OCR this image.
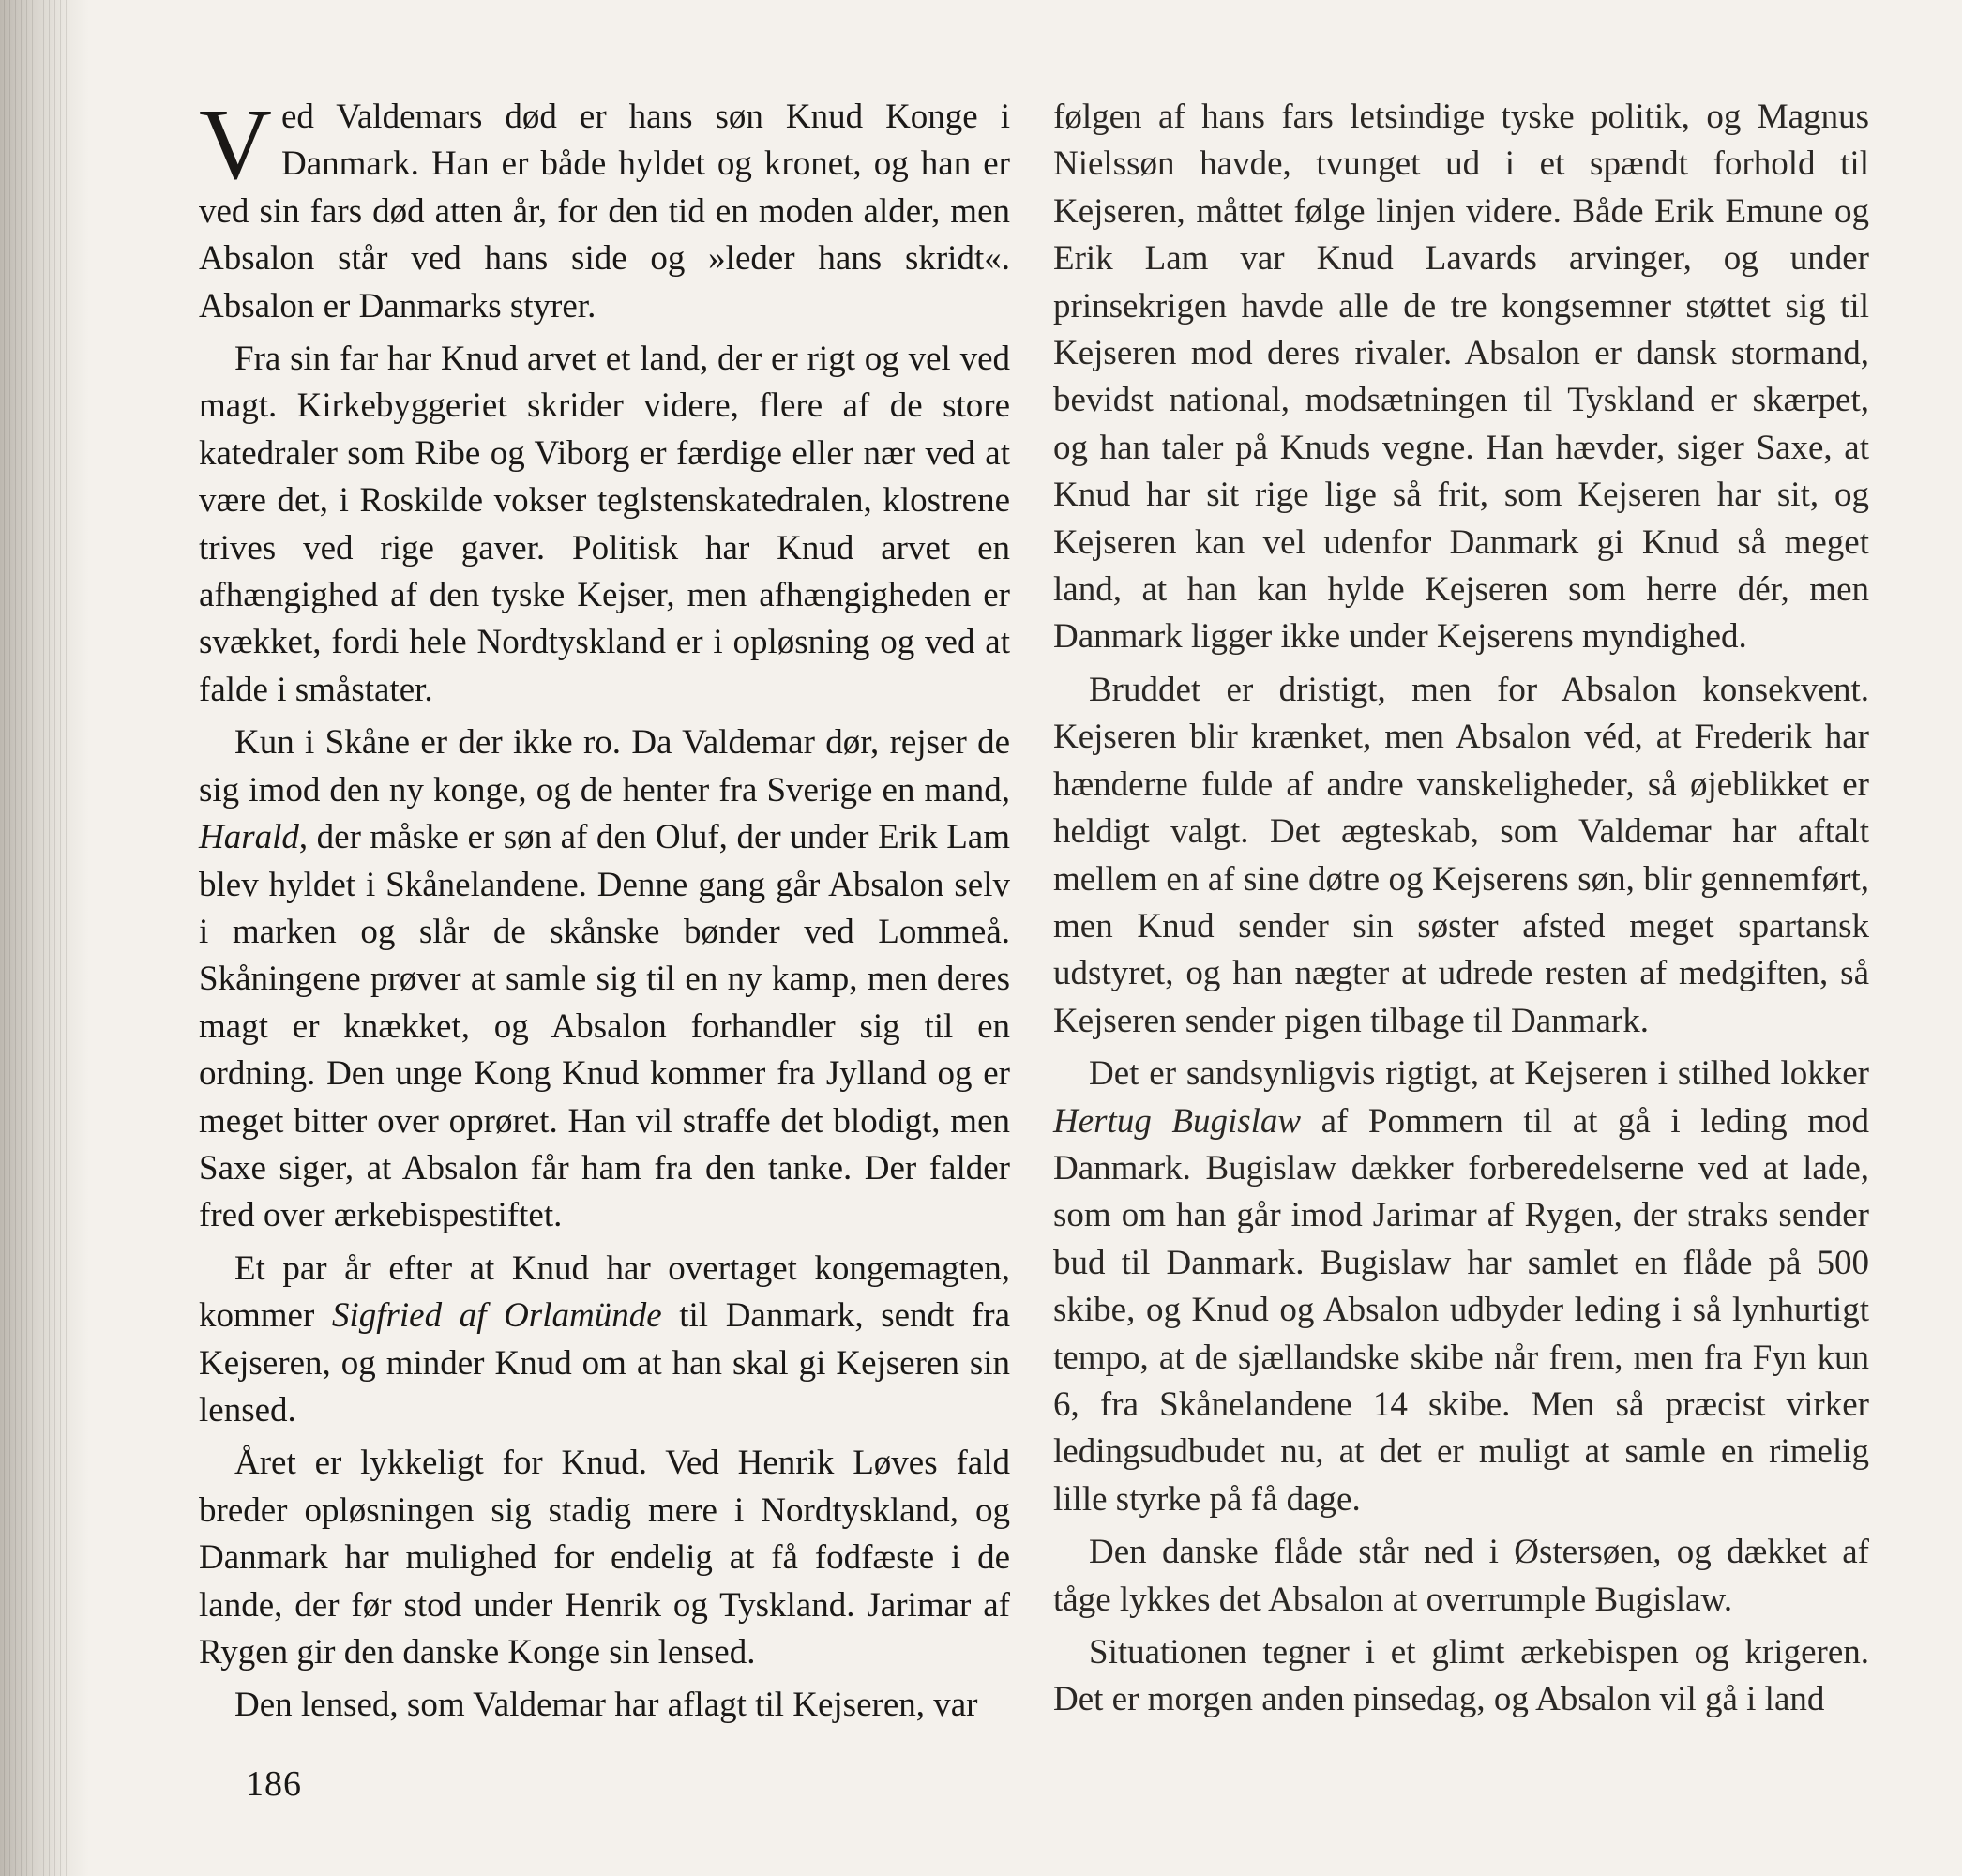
Ved Valdemars død er hans søn Knud Konge i Danmark. Han er både hyldet og kronet, og han er ved sin fars død atten år, for den tid en moden alder, men Absalon står ved hans side og »leder hans skridt«. Absalon er Danmarks styrer.

Fra sin far har Knud arvet et land, der er rigt og vel ved magt. Kirkebyggeriet skrider videre, flere af de store katedraler som Ribe og Viborg er færdige eller nær ved at være det, i Roskilde vokser teglstenskatedralen, klostrene trives ved rige gaver. Politisk har Knud arvet en afhængighed af den tyske Kejser, men afhængigheden er svækket, fordi hele Nordtyskland er i opløsning og ved at falde i småstater.

Kun i Skåne er der ikke ro. Da Valdemar dør, rejser de sig imod den ny konge, og de henter fra Sverige en mand, Harald, der måske er søn af den Oluf, der under Erik Lam blev hyldet i Skånelandene. Denne gang går Absalon selv i marken og slår de skånske bønder ved Lommeå. Skåningene prøver at samle sig til en ny kamp, men deres magt er knækket, og Absalon forhandler sig til en ordning. Den unge Kong Knud kommer fra Jylland og er meget bitter over oprøret. Han vil straffe det blodigt, men Saxe siger, at Absalon får ham fra den tanke. Der falder fred over ærkebispestiftet.

Et par år efter at Knud har overtaget kongemagten, kommer Sigfried af Orlamünde til Danmark, sendt fra Kejseren, og minder Knud om at han skal gi Kejseren sin lensed.

Året er lykkeligt for Knud. Ved Henrik Løves fald breder opløsningen sig stadig mere i Nordtyskland, og Danmark har mulighed for endelig at få fodfæste i de lande, der før stod under Henrik og Tyskland. Jarimar af Rygen gir den danske Konge sin lensed.

Den lensed, som Valdemar har aflagt til Kejseren, var

følgen af hans fars letsindige tyske politik, og Magnus Nielssøn havde, tvunget ud i et spændt forhold til Kejseren, måttet følge linjen videre. Både Erik Emune og Erik Lam var Knud Lavards arvinger, og under prinsekrigen havde alle de tre kongsemner støttet sig til Kejseren mod deres rivaler. Absalon er dansk stormand, bevidst national, modsætningen til Tyskland er skærpet, og han taler på Knuds vegne. Han hævder, siger Saxe, at Knud har sit rige lige så frit, som Kejseren har sit, og Kejseren kan vel udenfor Danmark gi Knud så meget land, at han kan hylde Kejseren som herre dér, men Danmark ligger ikke under Kejserens myndighed.

Bruddet er dristigt, men for Absalon konsekvent. Kejseren blir krænket, men Absalon véd, at Frederik har hænderne fulde af andre vanskeligheder, så øjeblikket er heldigt valgt. Det ægteskab, som Valdemar har aftalt mellem en af sine døtre og Kejserens søn, blir gennemført, men Knud sender sin søster afsted meget spartansk udstyret, og han nægter at udrede resten af medgiften, så Kejseren sender pigen tilbage til Danmark.

Det er sandsynligvis rigtigt, at Kejseren i stilhed lokker Hertug Bugislaw af Pommern til at gå i leding mod Danmark. Bugislaw dækker forberedelserne ved at lade, som om han går imod Jarimar af Rygen, der straks sender bud til Danmark. Bugislaw har samlet en flåde på 500 skibe, og Knud og Absalon udbyder leding i så lynhurtigt tempo, at de sjællandske skibe når frem, men fra Fyn kun 6, fra Skånelandene 14 skibe. Men så præcist virker ledingsudbudet nu, at det er muligt at samle en rimelig lille styrke på få dage.

Den danske flåde står ned i Østersøen, og dækket af tåge lykkes det Absalon at overrumple Bugislaw.

Situationen tegner i et glimt ærkebispen og krigeren. Det er morgen anden pinsedag, og Absalon vil gå i land

186
